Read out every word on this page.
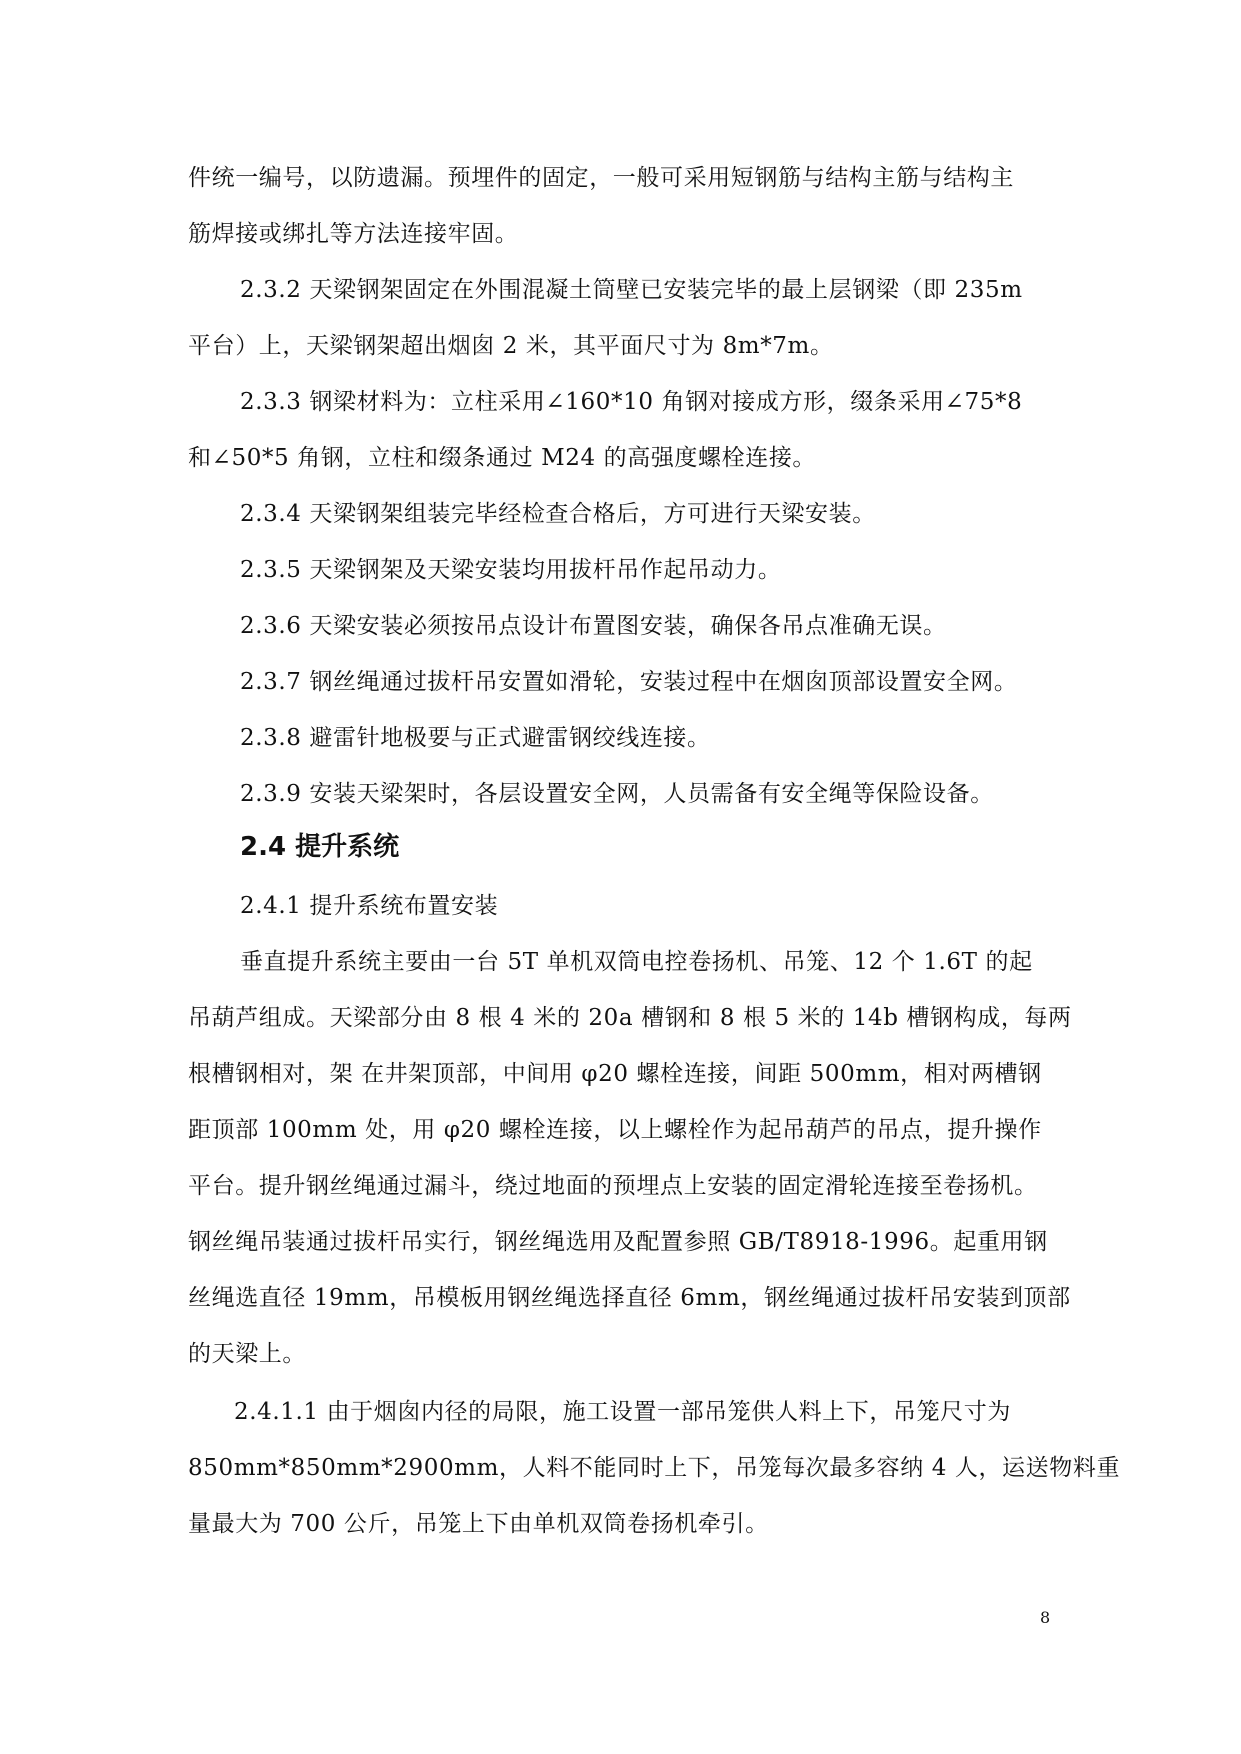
件统一编号，以防遗漏。预埋件的固定，一般可采用短钢筋与结构主筋与结构主
筋焊接或绑扎等方法连接牢固。
2.3.2 天梁钢架固定在外围混凝土筒壁已安装完毕的最上层钢梁（即 235m
平台）上，天梁钢架超出烟囱 2 米，其平面尺寸为 8m*7m。
2.3.3 钢梁材料为：立柱采用∠160*10 角钢对接成方形，缀条采用∠75*8
和∠50*5 角钢，立柱和缀条通过 M24 的高强度螺栓连接。
2.3.4 天梁钢架组装完毕经检查合格后，方可进行天梁安装。
2.3.5 天梁钢架及天梁安装均用拔杆吊作起吊动力。
2.3.6 天梁安装必须按吊点设计布置图安装，确保各吊点准确无误。
2.3.7 钢丝绳通过拔杆吊安置如滑轮，安装过程中在烟囱顶部设置安全网。
2.3.8 避雷针地极要与正式避雷钢绞线连接。
2.3.9 安装天梁架时，各层设置安全网，人员需备有安全绳等保险设备。
2.4 提升系统
2.4.1 提升系统布置安装
垂直提升系统主要由一台 5T 单机双筒电控卷扬机、吊笼、12 个 1.6T 的起
吊葫芦组成。天梁部分由 8 根 4 米的 20a 槽钢和 8 根 5 米的 14b 槽钢构成，每两
根槽钢相对，架 在井架顶部，中间用 φ20 螺栓连接，间距 500mm，相对两槽钢
距顶部 100mm 处，用 φ20 螺栓连接，以上螺栓作为起吊葫芦的吊点，提升操作
平台。提升钢丝绳通过漏斗，绕过地面的预埋点上安装的固定滑轮连接至卷扬机。
钢丝绳吊装通过拔杆吊实行，钢丝绳选用及配置参照 GB/T8918-1996。起重用钢
丝绳选直径 19mm，吊模板用钢丝绳选择直径 6mm，钢丝绳通过拔杆吊安装到顶部
的天梁上。
2.4.1.1 由于烟囱内径的局限，施工设置一部吊笼供人料上下，吊笼尺寸为
850mm*850mm*2900mm，人料不能同时上下，吊笼每次最多容纳 4 人，运送物料重
量最大为 700 公斤，吊笼上下由单机双筒卷扬机牵引。
8
